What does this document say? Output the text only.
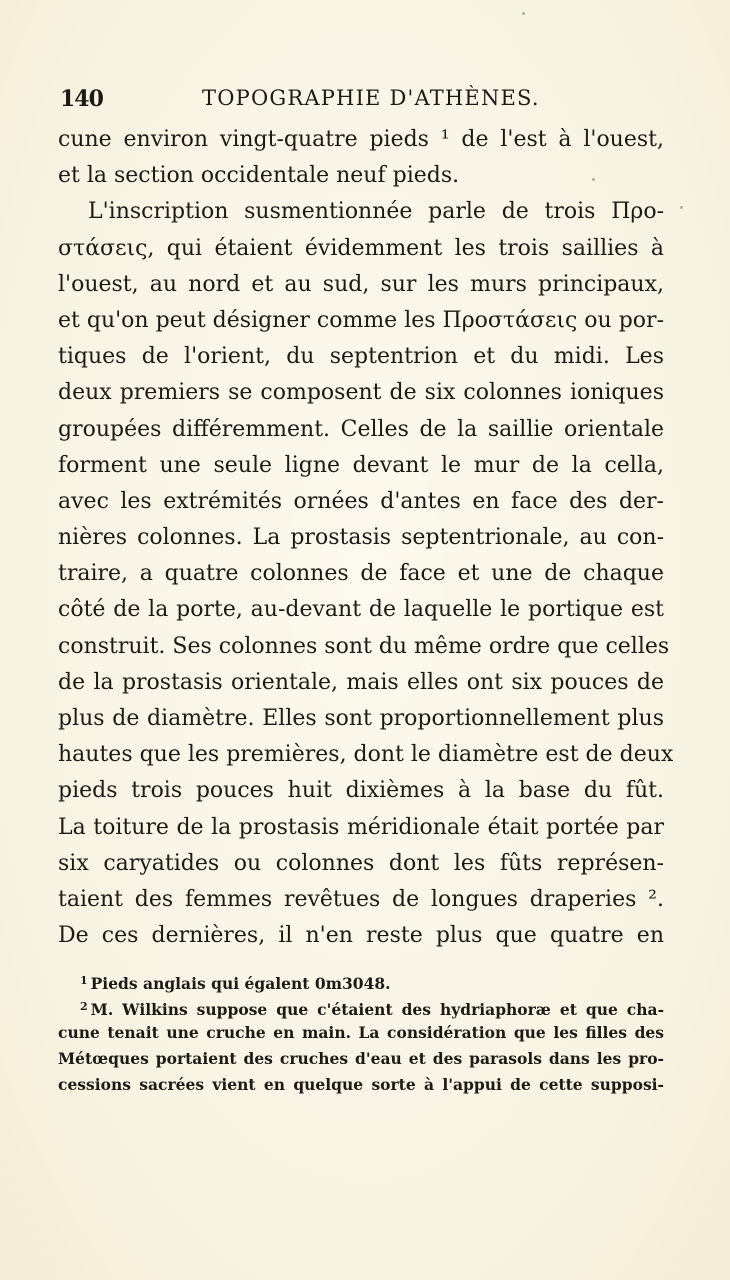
140	TOPOGRAPHIE D'ATHÈNES.
cune environ vingt-quatre pieds ¹ de l'est à l'ouest,
et la section occidentale neuf pieds.
L'inscription susmentionnée parle de trois Προ-
στάσεις, qui étaient évidemment les trois saillies à
l'ouest, au nord et au sud, sur les murs principaux,
et qu'on peut désigner comme les Προστάσεις ou por-
tiques de l'orient, du septentrion et du midi. Les
deux premiers se composent de six colonnes ioniques
groupées différemment. Celles de la saillie orientale
forment une seule ligne devant le mur de la cella,
avec les extrémités ornées d'antes en face des der-
nières colonnes. La prostasis septentrionale, au con-
traire, a quatre colonnes de face et une de chaque
côté de la porte, au-devant de laquelle le portique est
construit. Ses colonnes sont du même ordre que celles
de la prostasis orientale, mais elles ont six pouces de
plus de diamètre. Elles sont proportionnellement plus
hautes que les premières, dont le diamètre est de deux
pieds trois pouces huit dixièmes à la base du fût.
La toiture de la prostasis méridionale était portée par
six caryatides ou colonnes dont les fûts représen-
taient des femmes revêtues de longues draperies ².
De ces dernières, il n'en reste plus que quatre en
$^1$ Pieds anglais qui égalent 0m3048.
$^2$ M. Wilkins suppose que c'étaient des hydriaphoræ et que cha-
cune tenait une cruche en main. La considération que les filles des
Métœques portaient des cruches d'eau et des parasols dans les pro-
cessions sacrées vient en quelque sorte à l'appui de cette supposi-
